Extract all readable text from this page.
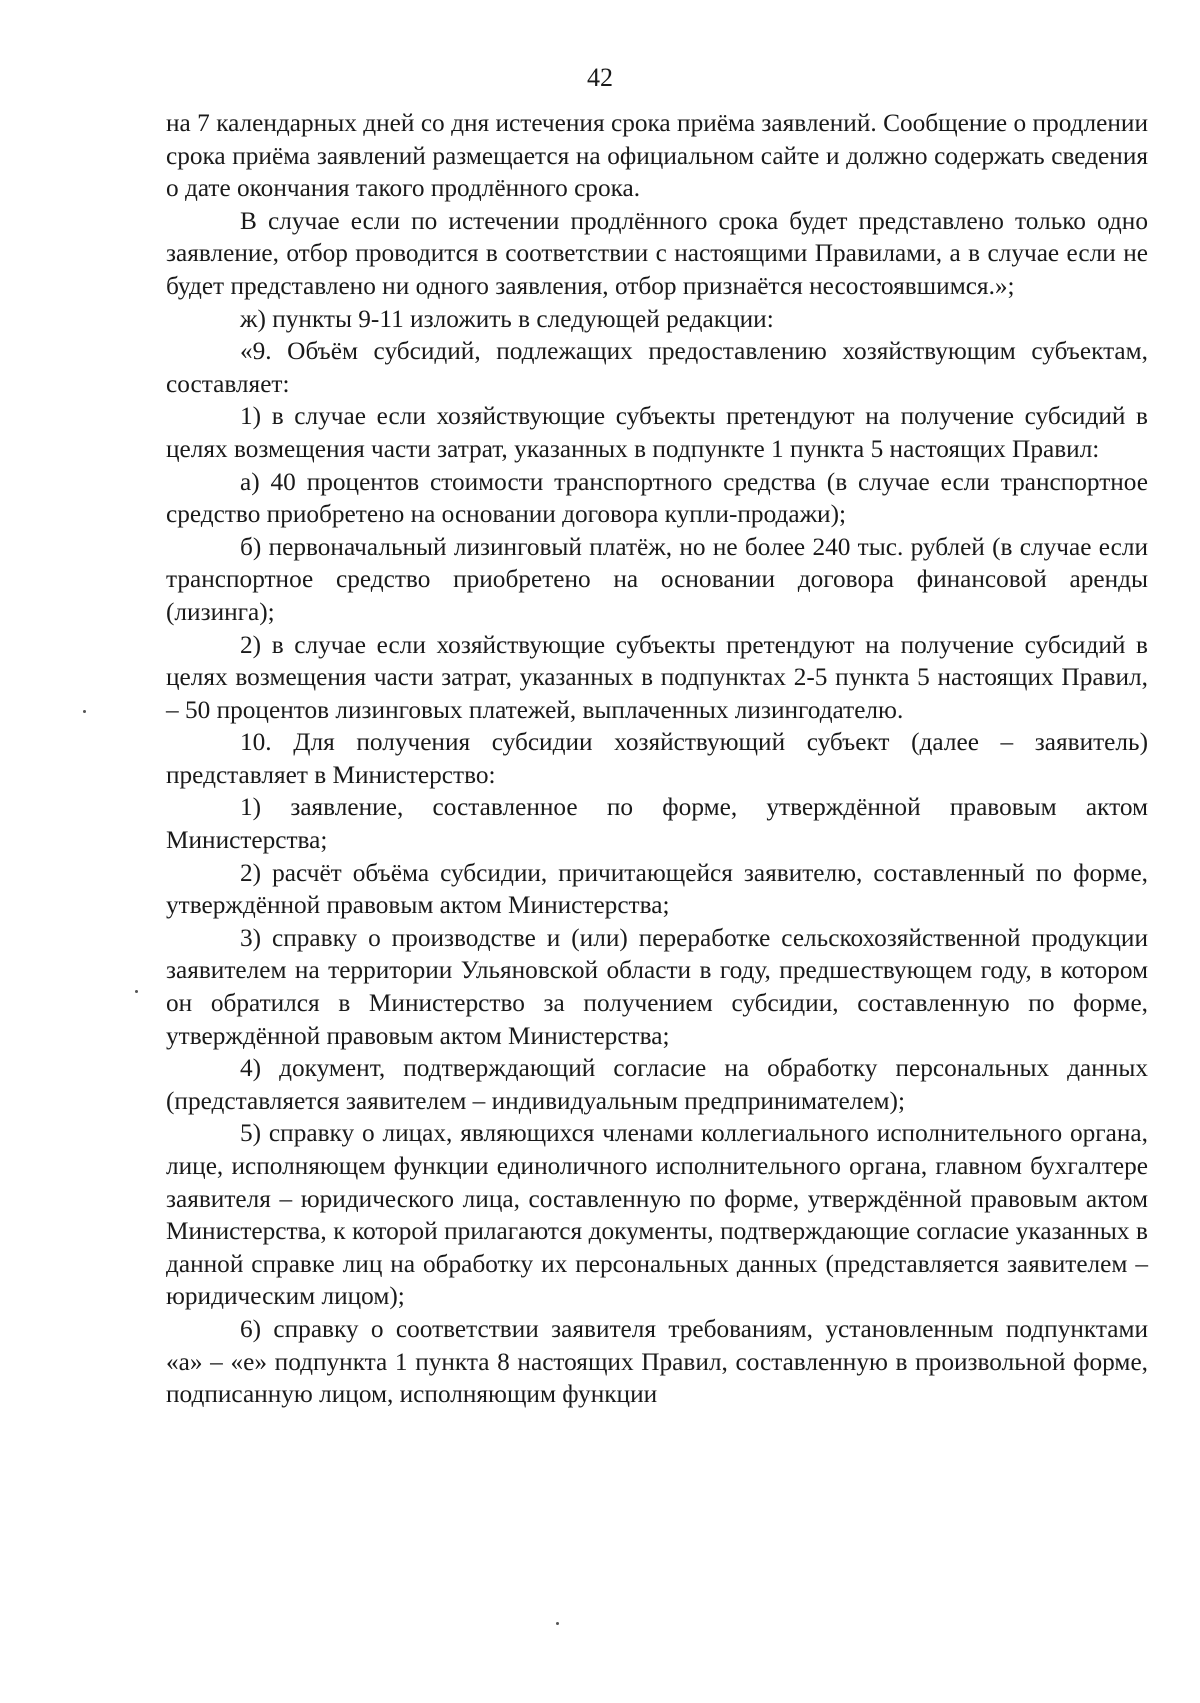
42

на 7 календарных дней со дня истечения срока приёма заявлений. Сообщение о продлении срока приёма заявлений размещается на официальном сайте и должно содержать сведения о дате окончания такого продлённого срока.

В случае если по истечении продлённого срока будет представлено только одно заявление, отбор проводится в соответствии с настоящими Правилами, а в случае если не будет представлено ни одного заявления, отбор признаётся несостоявшимся.»;

ж) пункты 9-11 изложить в следующей редакции:

«9. Объём субсидий, подлежащих предоставлению хозяйствующим субъектам, составляет:

1) в случае если хозяйствующие субъекты претендуют на получение субсидий в целях возмещения части затрат, указанных в подпункте 1 пункта 5 настоящих Правил:

а) 40 процентов стоимости транспортного средства (в случае если транспортное средство приобретено на основании договора купли-продажи);

б) первоначальный лизинговый платёж, но не более 240 тыс. рублей (в случае если транспортное средство приобретено на основании договора финансовой аренды (лизинга);

2) в случае если хозяйствующие субъекты претендуют на получение субсидий в целях возмещения части затрат, указанных в подпунктах 2-5 пункта 5 настоящих Правил, – 50 процентов лизинговых платежей, выплаченных лизингодателю.

10. Для получения субсидии хозяйствующий субъект (далее – заявитель) представляет в Министерство:

1) заявление, составленное по форме, утверждённой правовым актом Министерства;

2) расчёт объёма субсидии, причитающейся заявителю, составленный по форме, утверждённой правовым актом Министерства;

3) справку о производстве и (или) переработке сельскохозяйственной продукции заявителем на территории Ульяновской области в году, предшествующем году, в котором он обратился в Министерство за получением субсидии, составленную по форме, утверждённой правовым актом Министерства;

4) документ, подтверждающий согласие на обработку персональных данных (представляется заявителем – индивидуальным предпринимателем);

5) справку о лицах, являющихся членами коллегиального исполнительного органа, лице, исполняющем функции единоличного исполнительного органа, главном бухгалтере заявителя – юридического лица, составленную по форме, утверждённой правовым актом Министерства, к которой прилагаются документы, подтверждающие согласие указанных в данной справке лиц на обработку их персональных данных (представляется заявителем – юридическим лицом);

6) справку о соответствии заявителя требованиям, установленным подпунктами «а» – «е» подпункта 1 пункта 8 настоящих Правил, составленную в произвольной форме, подписанную лицом, исполняющим функции
